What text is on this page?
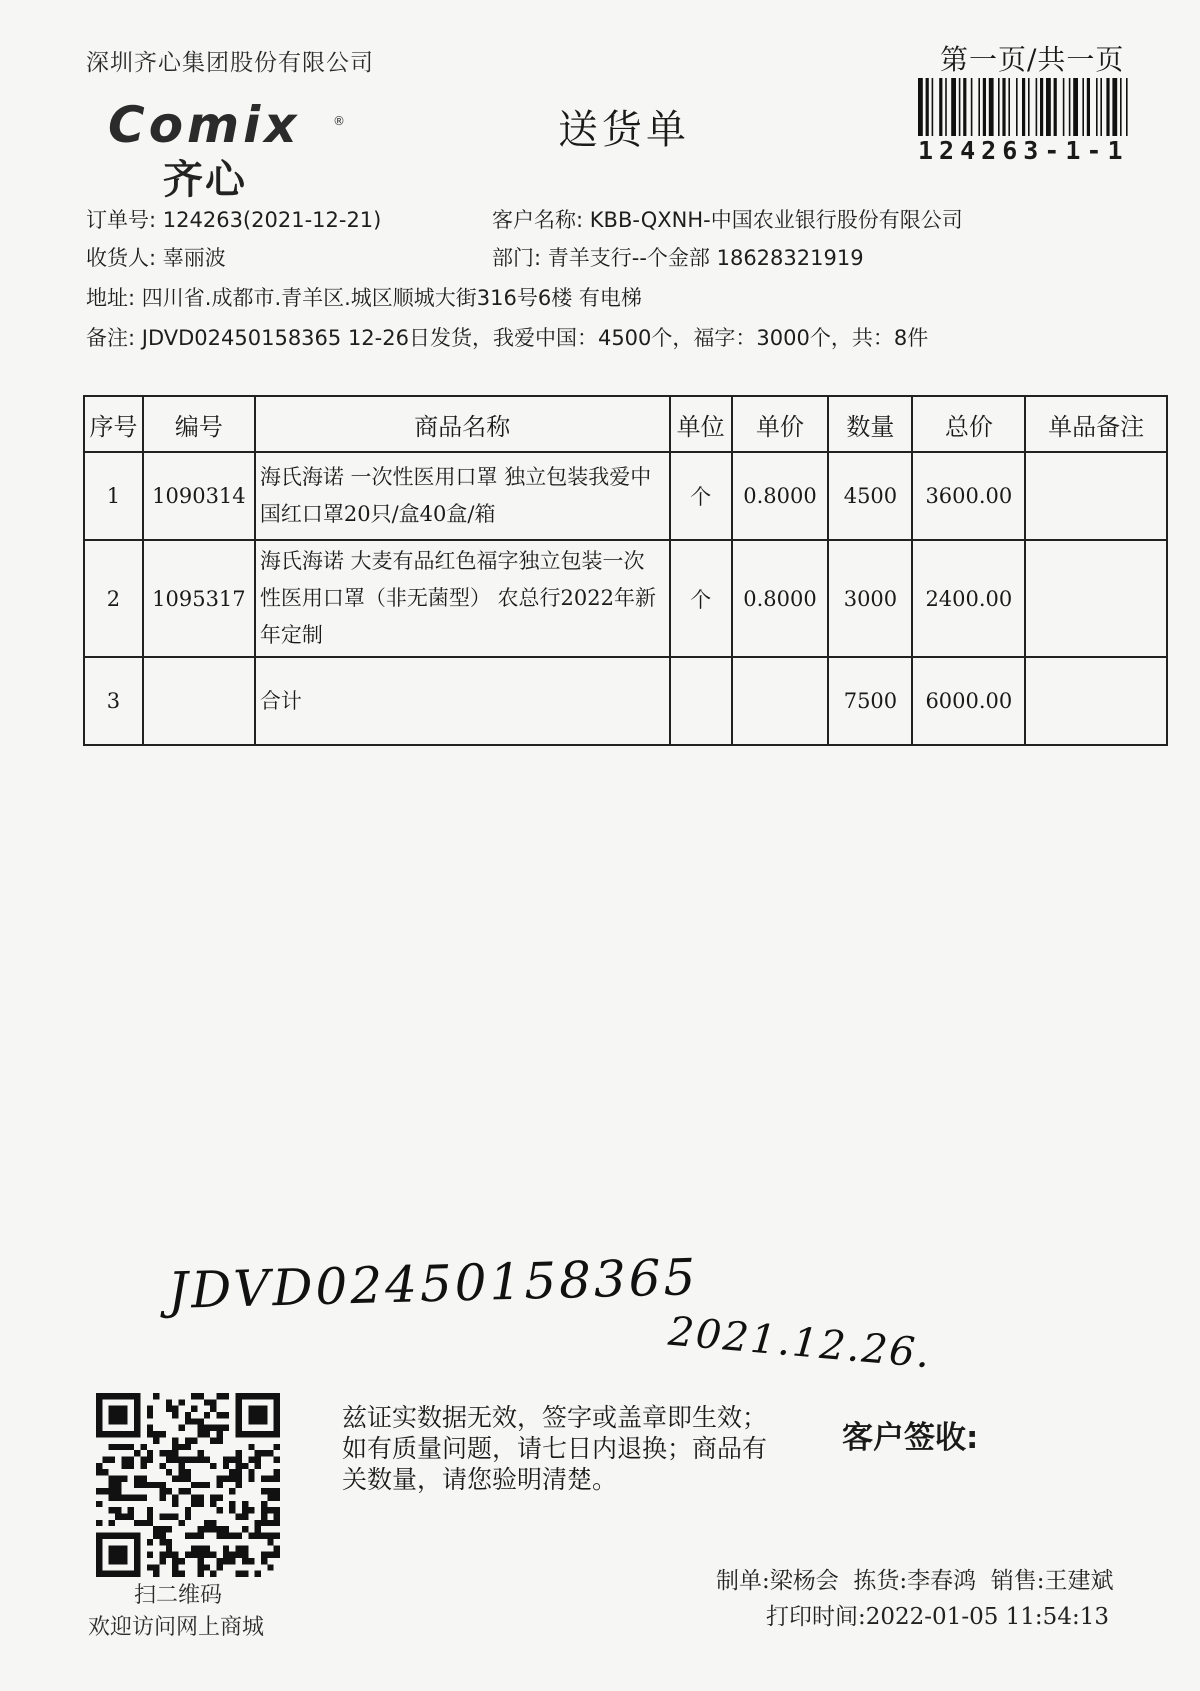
深圳齐心集团股份有限公司
Comix	®
齐心
送货单
第一页/共一页
124263-1-1
订单号: 124263(2021-12-21)	客户名称: KBB-QXNH-中国农业银行股份有限公司
收货人: 辜丽波	部门: 青羊支行--个金部 18628321919
地址: 四川省.成都市.青羊区.城区顺城大街316号6楼 有电梯
备注: JDVD02450158365 12-26日发货，我爱中国：4500个，福字：3000个，共：8件
序号	编号	商品名称	单位	单价	数量	总价	单品备注
1	1090314	海氏海诺 一次性医用口罩 独立包装我爱中国红口罩20只/盒40盒/箱	个	0.8000	4500	3600.00	
2	1095317	海氏海诺 大麦有品红色福字独立包装一次性医用口罩（非无菌型） 农总行2022年新年定制	个	0.8000	3000	2400.00	
3		合计			7500	6000.00	
JDVD02450158365
2021.12.26.
扫二维码
欢迎访问网上商城
兹证实数据无效，签字或盖章即生效；如有质量问题，请七日内退换；商品有关数量，请您验明清楚。
客户签收:
制单:梁杨会 拣货:李春鸿 销售:王建斌
打印时间:2022-01-05 11:54:13
